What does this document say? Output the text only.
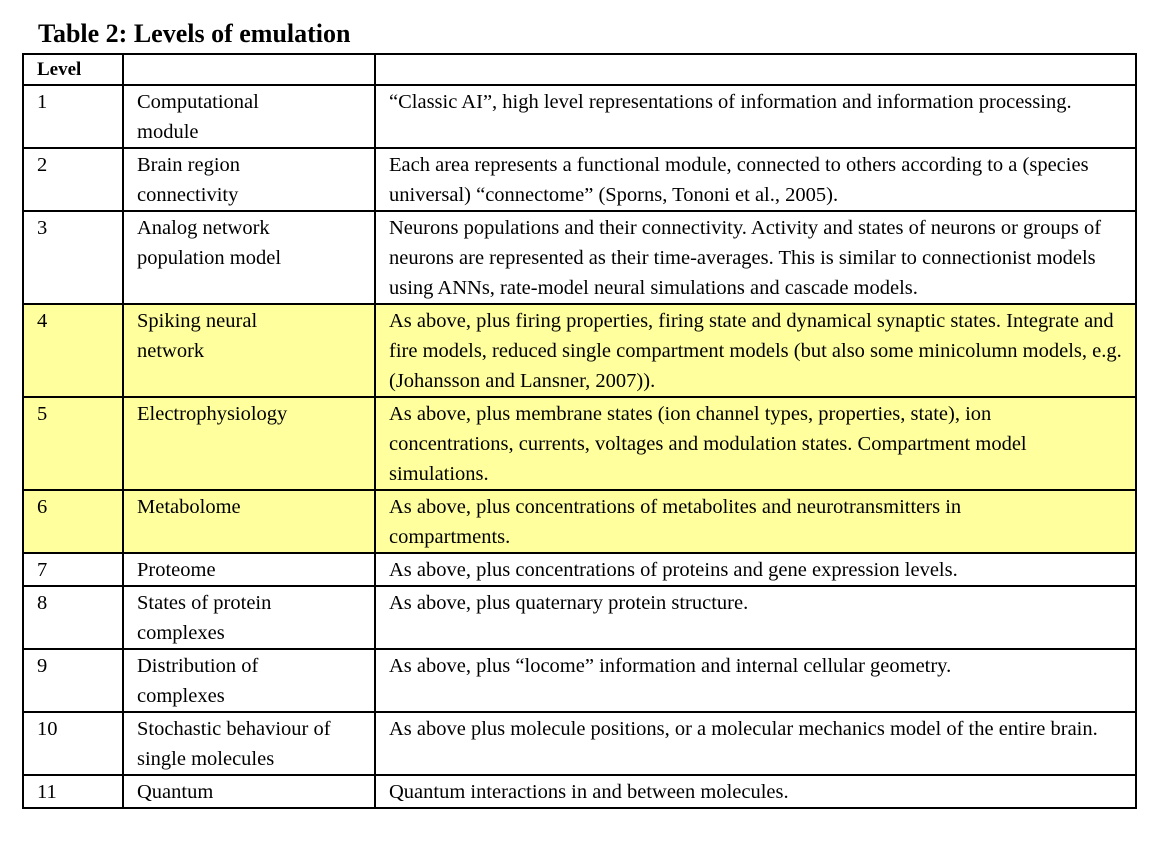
Table 2: Levels of emulation
Level		
1	Computational module	“Classic AI”, high level representations of information and information processing.
2	Brain region connectivity	Each area represents a functional module, connected to others according to a (species universal) “connectome” (Sporns, Tononi et al., 2005).
3	Analog network population model	Neurons populations and their connectivity. Activity and states of neurons or groups of neurons are represented as their time-averages. This is similar to connectionist models using ANNs, rate-model neural simulations and cascade models.
4	Spiking neural network	As above, plus firing properties, firing state and dynamical synaptic states. Integrate and fire models, reduced single compartment models (but also some minicolumn models, e.g. (Johansson and Lansner, 2007)).
5	Electrophysiology	As above, plus membrane states (ion channel types, properties, state), ion concentrations, currents, voltages and modulation states. Compartment model simulations.
6	Metabolome	As above, plus concentrations of metabolites and neurotransmitters in compartments.
7	Proteome	As above, plus concentrations of proteins and gene expression levels.
8	States of protein complexes	As above, plus quaternary protein structure.
9	Distribution of complexes	As above, plus “locome” information and internal cellular geometry.
10	Stochastic behaviour of single molecules	As above plus molecule positions, or a molecular mechanics model of the entire brain.
11	Quantum	Quantum interactions in and between molecules.
